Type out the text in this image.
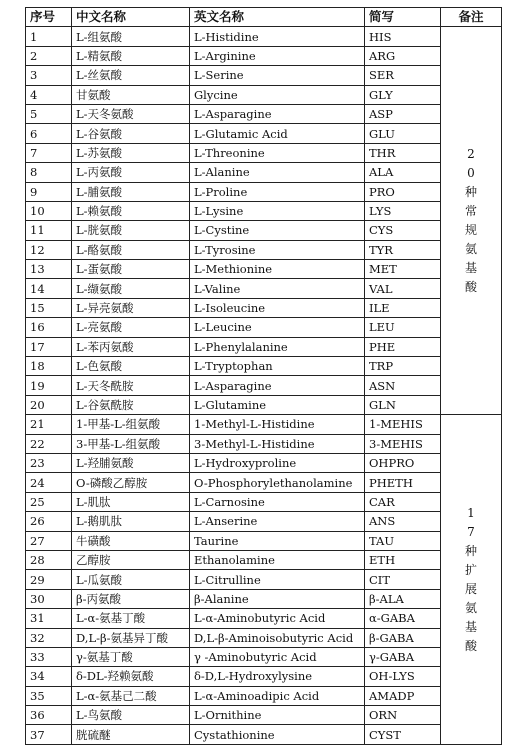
序号	中文名称	英文名称	简写	备注
1	L-组氨酸	L-Histidine	HIS	20种常规氨基酸
2	L-精氨酸	L-Arginine	ARG	
3	L-丝氨酸	L-Serine	SER	
4	甘氨酸	Glycine	GLY	
5	L-天冬氨酸	L-Asparagine	ASP	
6	L-谷氨酸	L-Glutamic Acid	GLU	
7	L-苏氨酸	L-Threonine	THR	
8	L-丙氨酸	L-Alanine	ALA	
9	L-脯氨酸	L-Proline	PRO	
10	L-赖氨酸	L-Lysine	LYS	
11	L-胱氨酸	L-Cystine	CYS	
12	L-酪氨酸	L-Tyrosine	TYR	
13	L-蛋氨酸	L-Methionine	MET	
14	L-缬氨酸	L-Valine	VAL	
15	L-异亮氨酸	L-Isoleucine	ILE	
16	L-亮氨酸	L-Leucine	LEU	
17	L-苯丙氨酸	L-Phenylalanine	PHE	
18	L-色氨酸	L-Tryptophan	TRP	
19	L-天冬酰胺	L-Asparagine	ASN	
20	L-谷氨酰胺	L-Glutamine	GLN	
21	1-甲基-L-组氨酸	1-Methyl-L-Histidine	1-MEHIS	17种扩展氨基酸
22	3-甲基-L-组氨酸	3-Methyl-L-Histidine	3-MEHIS	
23	L-羟脯氨酸	L-Hydroxyproline	OHPRO	
24	O-磷酸乙醇胺	O-Phosphorylethanolamine	PHETH	
25	L-肌肽	L-Carnosine	CAR	
26	L-鹅肌肽	L-Anserine	ANS	
27	牛磺酸	Taurine	TAU	
28	乙醇胺	Ethanolamine	ETH	
29	L-瓜氨酸	L-Citrulline	CIT	
30	β-丙氨酸	β-Alanine	β-ALA	
31	L-α-氨基丁酸	L-α-Aminobutyric Acid	α-GABA	
32	D,L-β-氨基异丁酸	D,L-β-Aminoisobutyric Acid	β-GABA	
33	γ-氨基丁酸	γ -Aminobutyric Acid	γ-GABA	
34	δ-DL-羟赖氨酸	δ-D,L-Hydroxylysine	OH-LYS	
35	L-α-氨基己二酸	L-α-Aminoadipic Acid	AMADP	
36	L-鸟氨酸	L-Ornithine	ORN	
37	胱硫醚	Cystathionine	CYST	
